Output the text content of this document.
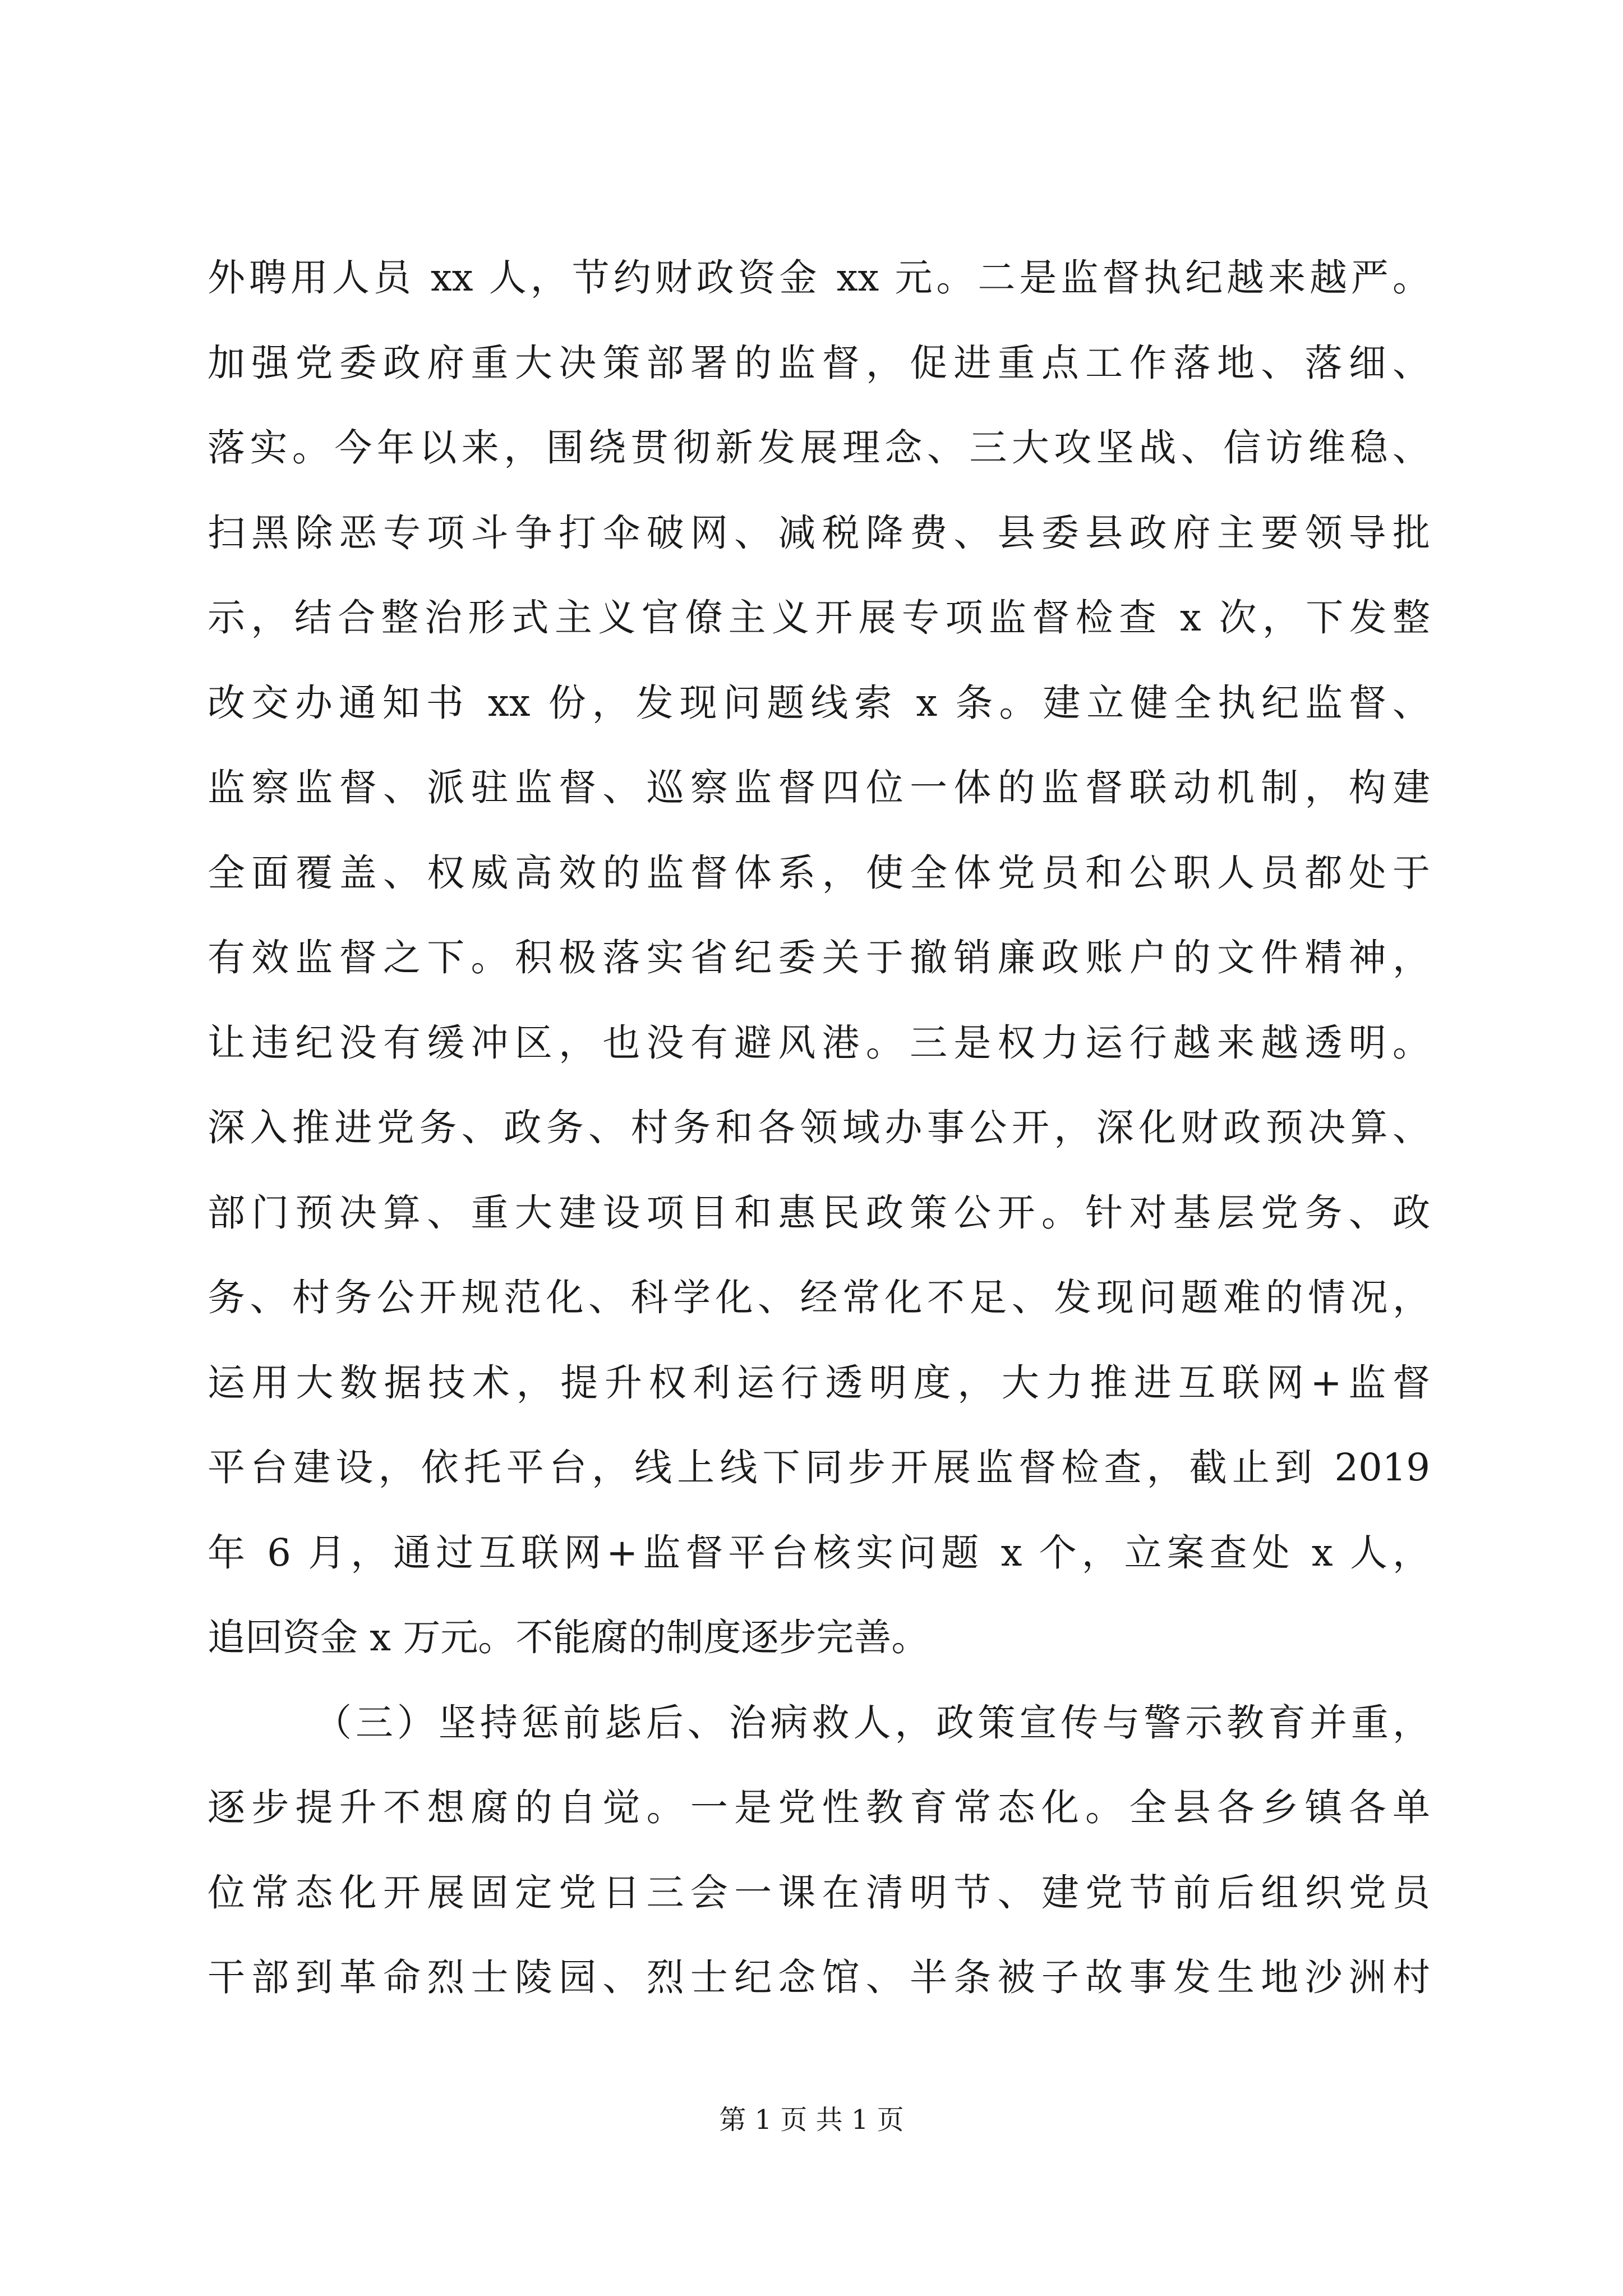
外聘用人员 xx 人，节约财政资金 xx 元。二是监督执纪越来越严。
加强党委政府重大决策部署的监督，促进重点工作落地、落细、
落实。今年以来，围绕贯彻新发展理念、三大攻坚战、信访维稳、
扫黑除恶专项斗争打伞破网、减税降费、县委县政府主要领导批
示，结合整治形式主义官僚主义开展专项监督检查 x 次，下发整
改交办通知书 xx 份，发现问题线索 x 条。建立健全执纪监督、
监察监督、派驻监督、巡察监督四位一体的监督联动机制，构建
全面覆盖、权威高效的监督体系，使全体党员和公职人员都处于
有效监督之下。积极落实省纪委关于撤销廉政账户的文件精神，
让违纪没有缓冲区，也没有避风港。三是权力运行越来越透明。
深入推进党务、政务、村务和各领域办事公开，深化财政预决算、
部门预决算、重大建设项目和惠民政策公开。针对基层党务、政
务、村务公开规范化、科学化、经常化不足、发现问题难的情况，
运用大数据技术，提升权利运行透明度，大力推进互联网+监督
平台建设，依托平台，线上线下同步开展监督检查，截止到 2019
年 6 月，通过互联网+监督平台核实问题 x 个，立案查处 x 人，
追回资金 x 万元。不能腐的制度逐步完善。
（三）坚持惩前毖后、治病救人，政策宣传与警示教育并重，
逐步提升不想腐的自觉。一是党性教育常态化。全县各乡镇各单
位常态化开展固定党日三会一课在清明节、建党节前后组织党员
干部到革命烈士陵园、烈士纪念馆、半条被子故事发生地沙洲村
第 1 页 共 1 页
